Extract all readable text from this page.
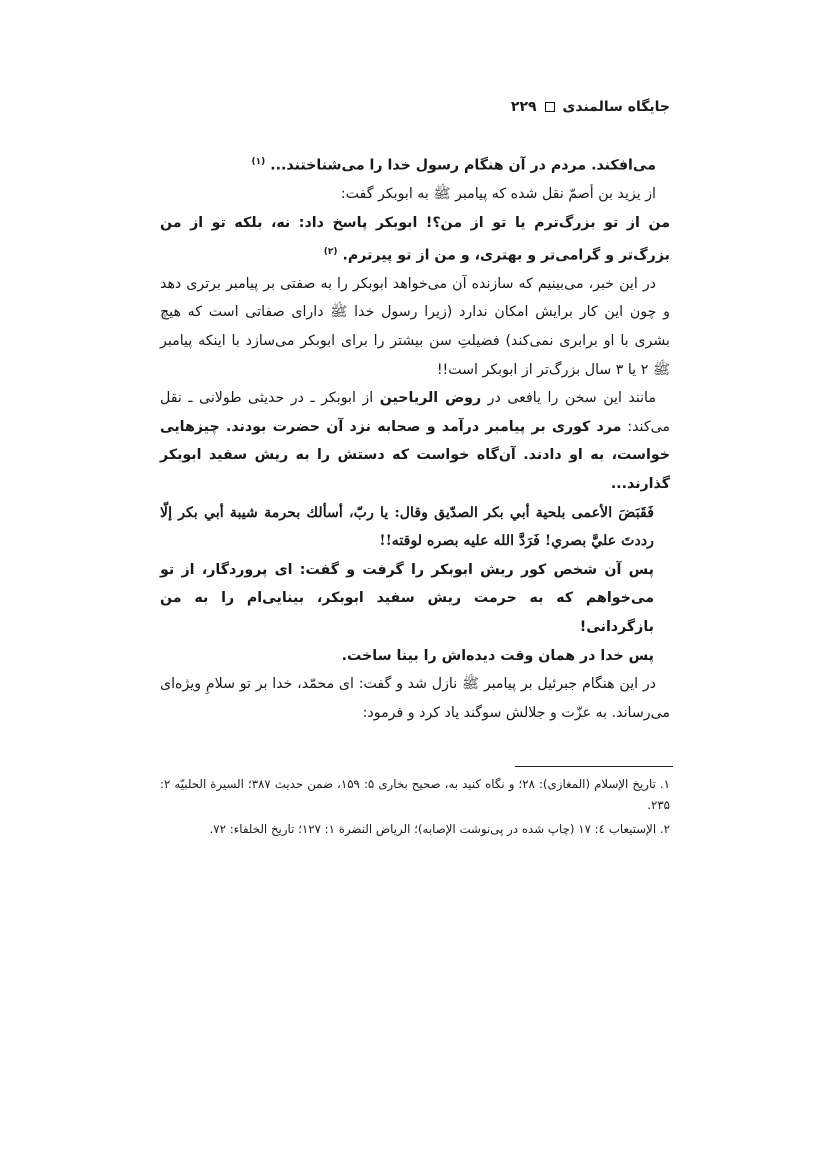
جایگاه سالمندی
۲۲۹

می‌افکند. مردم در آن هنگام رسول خدا را می‌شناختند... $^{(۱)}$

از یزید بن أصمّ نقل شده که پیامبر ﷺ به ابوبکر گفت:

من از تو بزرگ‌ترم یا تو از من؟! ابوبکر پاسخ داد: نه، بلکه تو از من بزرگ‌تر و گرامی‌تر و بهتری، و من از تو پیرترم. $^{(۲)}$

در این خبر، می‌بینیم که سازنده آن می‌خواهد ابوبکر را به صفتی بر پیامبر برتری دهد و چون این کار برایش امکان ندارد (زیرا رسول خدا ﷺ دارای صفاتی است که هیچ بشری با او برابری نمی‌کند) فضیلتِ سن بیشتر را برای ابوبکر می‌سازد با اینکه پیامبر ﷺ ۲ یا ۳ سال بزرگ‌تر از ابوبکر است!!

مانند این سخن را یافعی در روض الریاحین از ابوبکر ـ در حدیثی طولانی ـ نقل می‌کند: مرد کوری بر پیامبر درآمد و صحابه نزد آن حضرت بودند. چیزهایی خواست، به او دادند. آن‌گاه خواست که دستش را به ریش سفید ابوبکر گذارند...

فَقَبَضَ الأعمی بلحیة أبي بكر الصدّیق وقال: یا ربّ، أسألك بحرمة شیبة أبي بكر إلّا رددتَ عليَّ بصري! فَرَدَّ الله علیه بصره لوقته!!

پس آن شخص کور ریش ابوبکر را گرفت و گفت: ای پروردگار، از تو می‌خواهم که به حرمت ریش سفید ابوبکر، بینایی‌ام را به من بازگردانی!

پس خدا در همان وقت دیده‌اش را بینا ساخت.

در این هنگام جبرئیل بر پیامبر ﷺ نازل شد و گفت: ای محمّد، خدا بر تو سلامِ ویژه‌ای می‌رساند. به عزّت و جلالش سوگند یاد کرد و فرمود:

۱. تاریخ الإسلام (المغازی): ۲۸؛ و نگاه کنید به، صحیح بخاری ۵: ۱۵۹، ضمن حدیث ۳۸۷؛ السیرة الحلبیّه ۲: ۲۳۵.

۲. الإستیعاب ٤: ۱۷ (چاپ شده در پی‌نوشت الإصابه)؛ الریاض النضرة ۱: ۱۲۷؛ تاریخ الخلفاء: ۷۲.
